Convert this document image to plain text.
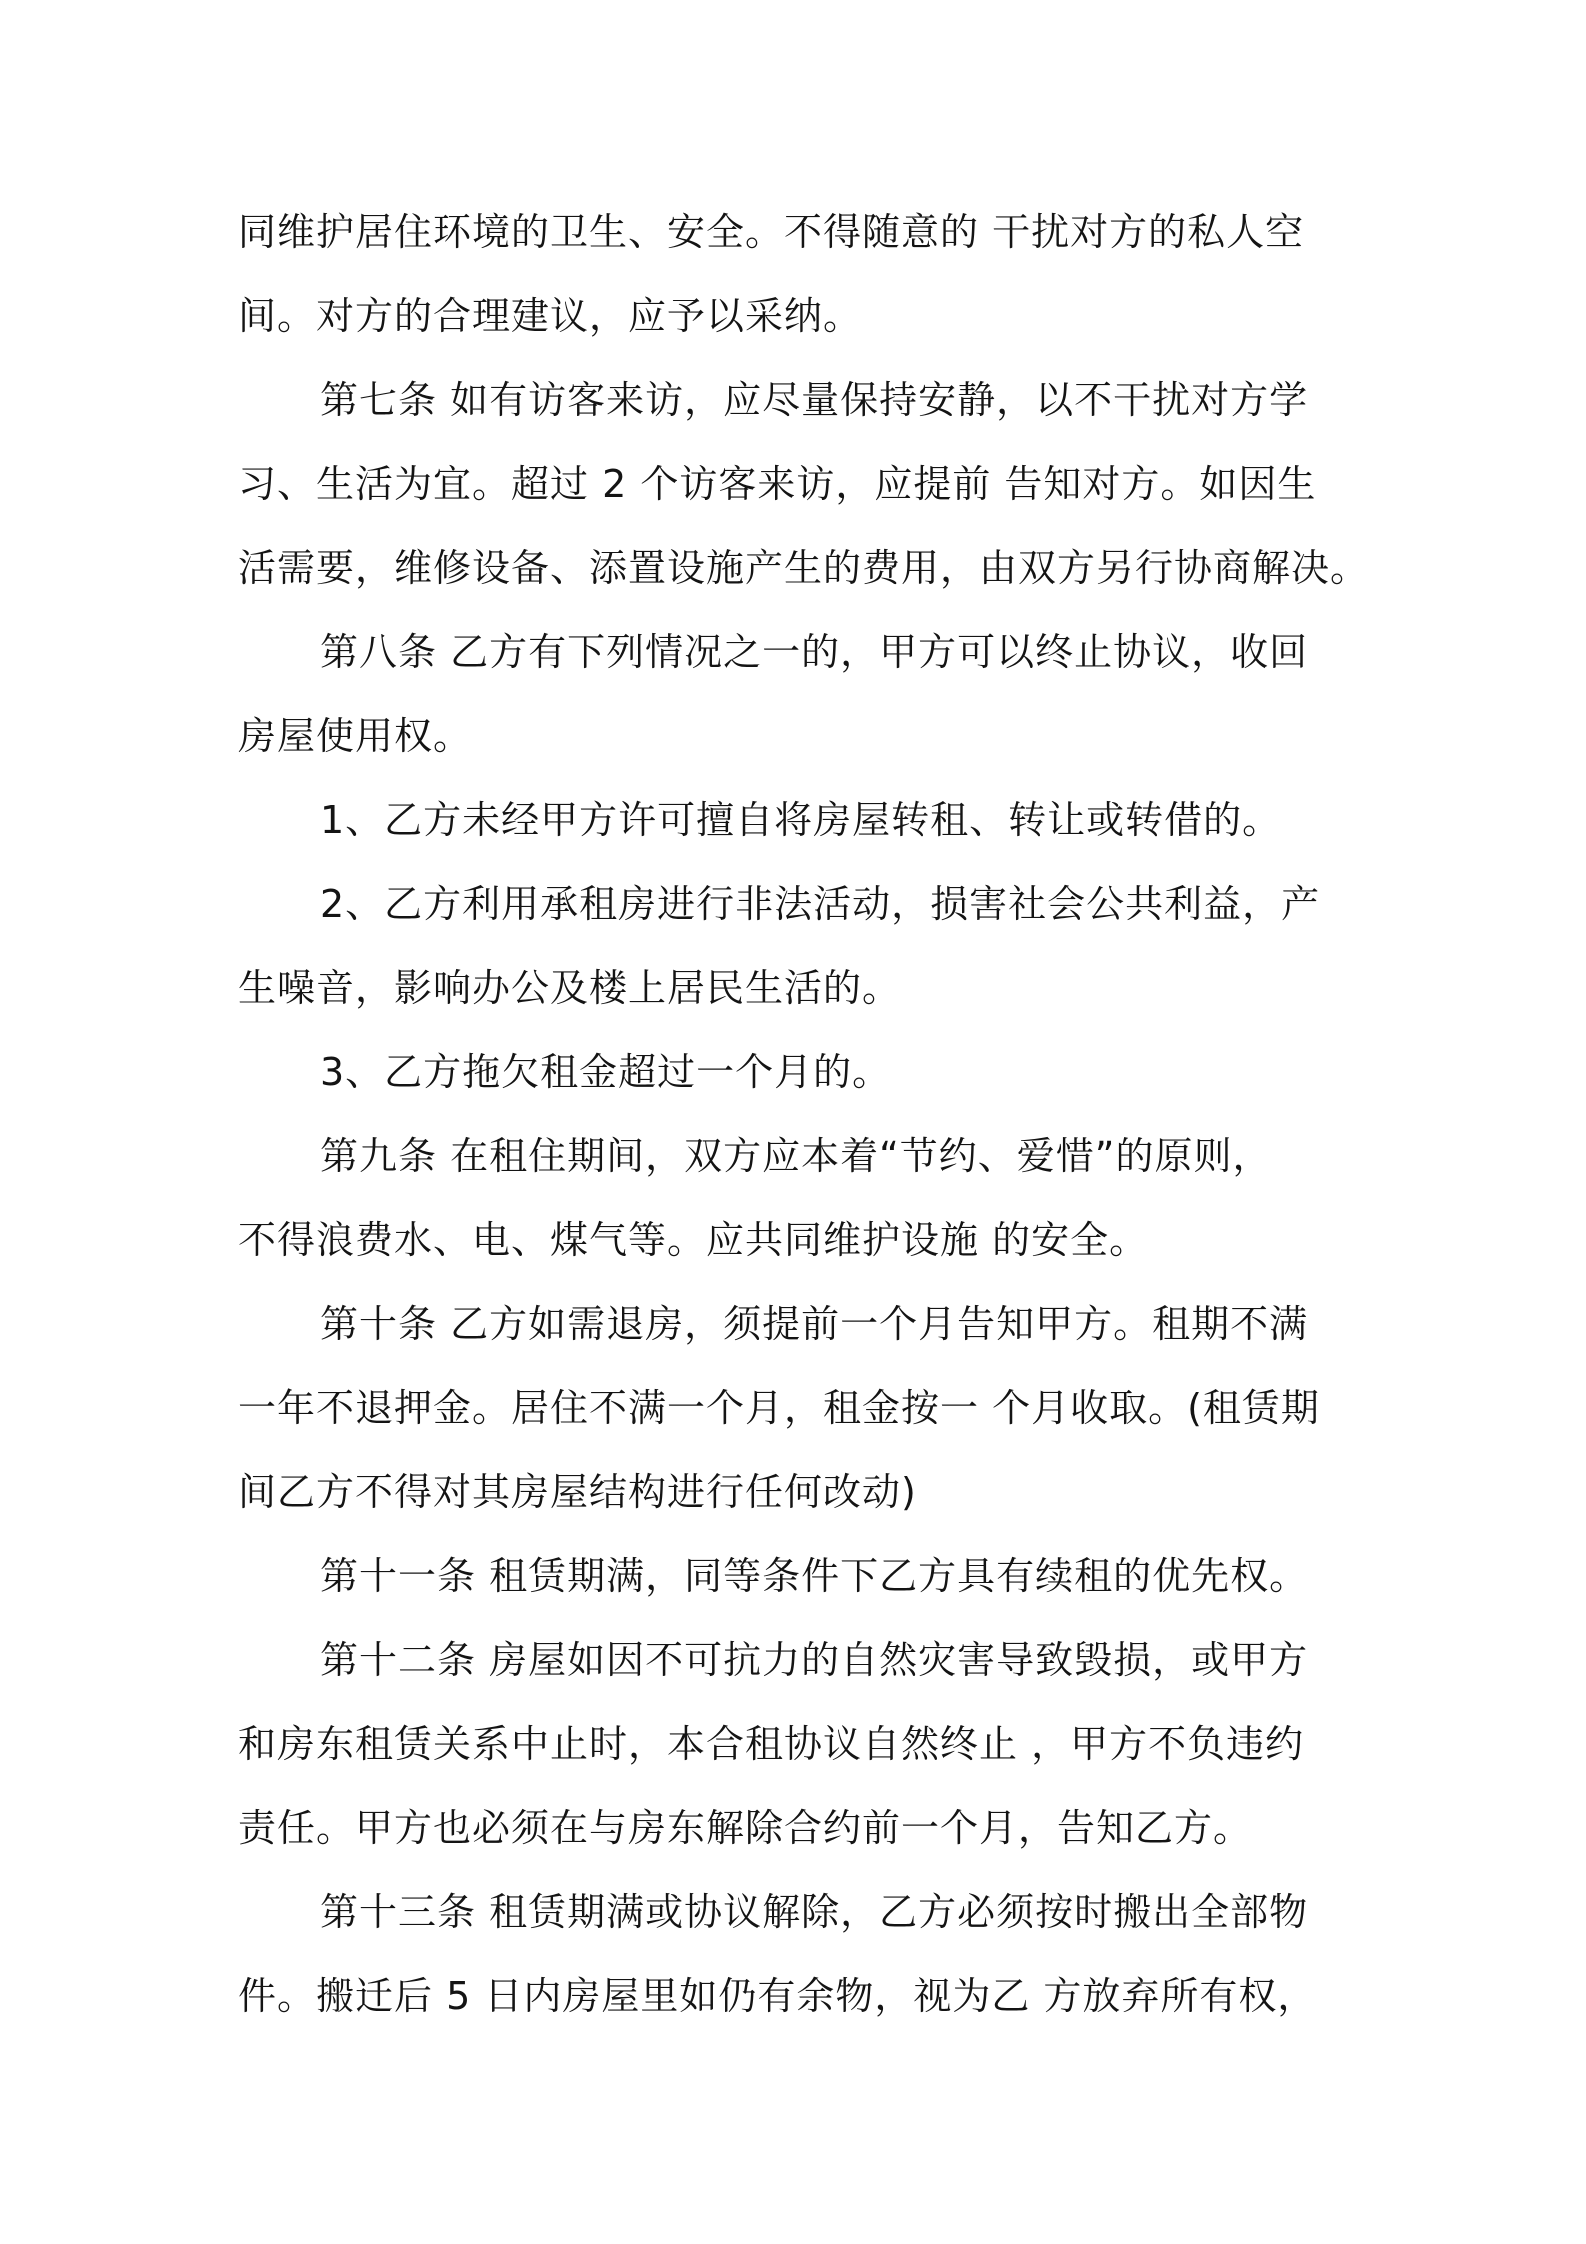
同维护居住环境的卫生、安全。不得随意的 干扰对方的私人空
间。对方的合理建议，应予以采纳。
第七条 如有访客来访，应尽量保持安静，以不干扰对方学
习、生活为宜。超过 2 个访客来访，应提前 告知对方。如因生
活需要，维修设备、添置设施产生的费用，由双方另行协商解决。
第八条 乙方有下列情况之一的，甲方可以终止协议，收回
房屋使用权。
1、乙方未经甲方许可擅自将房屋转租、转让或转借的。
2、乙方利用承租房进行非法活动，损害社会公共利益，产
生噪音，影响办公及楼上居民生活的。
3、乙方拖欠租金超过一个月的。
第九条 在租住期间，双方应本着“节约、爱惜”的原则，
不得浪费水、电、煤气等。应共同维护设施 的安全。
第十条 乙方如需退房，须提前一个月告知甲方。租期不满
一年不退押金。居住不满一个月，租金按一 个月收取。(租赁期
间乙方不得对其房屋结构进行任何改动)
第十一条 租赁期满，同等条件下乙方具有续租的优先权。
第十二条 房屋如因不可抗力的自然灾害导致毁损，或甲方
和房东租赁关系中止时，本合租协议自然终止 ，甲方不负违约
责任。甲方也必须在与房东解除合约前一个月，告知乙方。
第十三条 租赁期满或协议解除，乙方必须按时搬出全部物
件。搬迁后 5 日内房屋里如仍有余物，视为乙 方放弃所有权，
